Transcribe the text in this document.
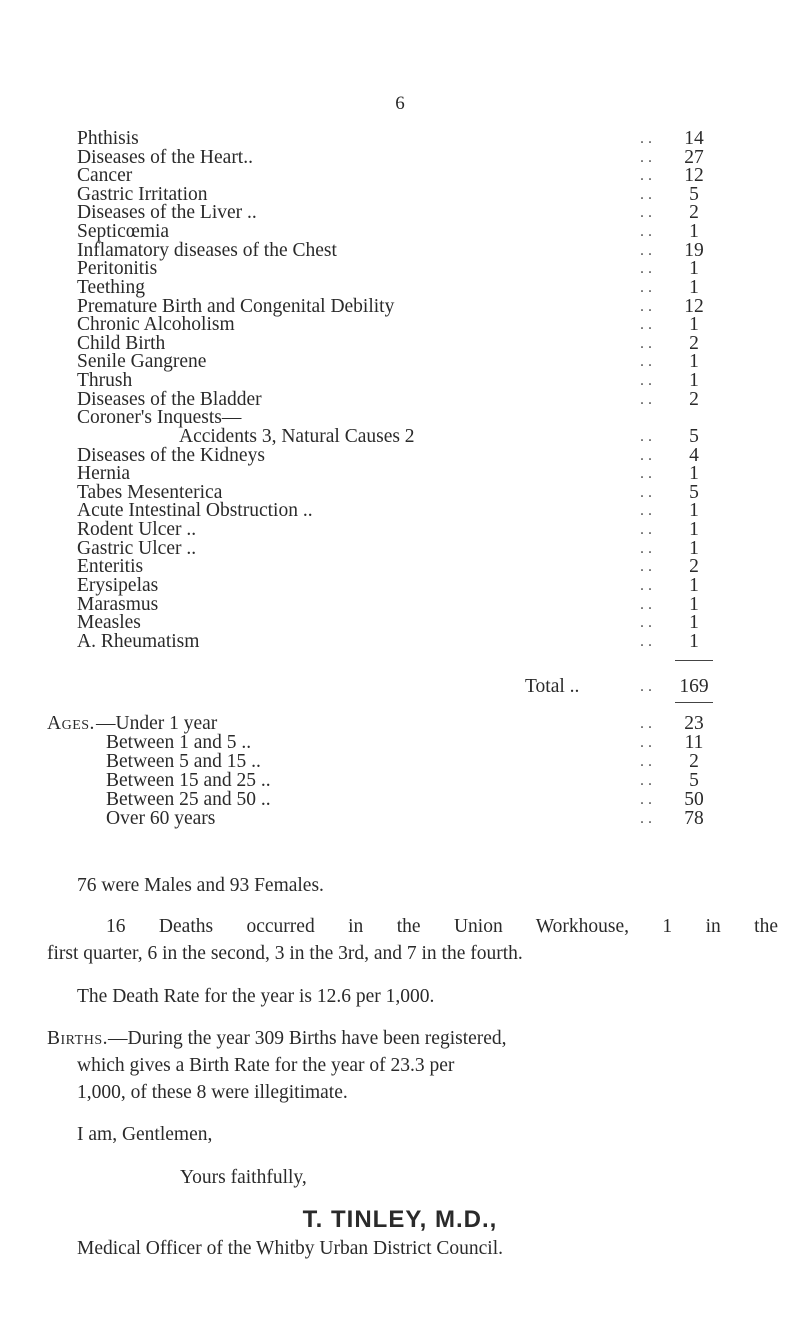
6
Phthisis	. .	14
Diseases of the Heart..	. .	27
Cancer	. .	12
Gastric Irritation	. .	5
Diseases of the Liver ..	. .	2
Septicœmia	. .	1
Inflamatory diseases of the Chest	. .	19
Peritonitis	. .	1
Teething	. .	1
Premature Birth and Congenital Debility	. .	12
Chronic Alcoholism	. .	1
Child Birth	. .	2
Senile Gangrene	. .	1
Thrush	. .	1
Diseases of the Bladder	. .	2
Coroner's Inquests—
Accidents 3, Natural Causes 2	. .	5
Diseases of the Kidneys	. .	4
Hernia	. .	1
Tabes Mesenterica	. .	5
Acute Intestinal Obstruction ..	. .	1
Rodent Ulcer ..	. .	1
Gastric Ulcer ..	. .	1
Enteritis	. .	2
Erysipelas	. .	1
Marasmus	. .	1
Measles	. .	1
A. Rheumatism	. .	1
Total ..	. .	169
Ages. —Under 1 year	. .	23
Between 1 and 5 ..	. .	11
Between 5 and 15 ..	. .	2
Between 15 and 25 ..	. .	5
Between 25 and 50 ..	. .	50
Over 60 years	. .	78
76 were Males and 93 Females.
16 Deaths occurred in the Union Workhouse, 1 in the
first quarter, 6 in the second, 3 in the 3rd, and 7 in the fourth.
The Death Rate for the year is 12.6 per 1,000.
Births.—During the year 309 Births have been registered,
which gives a Birth Rate for the year of 23.3 per
1,000, of these 8 were illegitimate.
I am, Gentlemen,
Yours faithfully,
T. TINLEY, M.D.,
Medical Officer of the Whitby Urban District Council.
